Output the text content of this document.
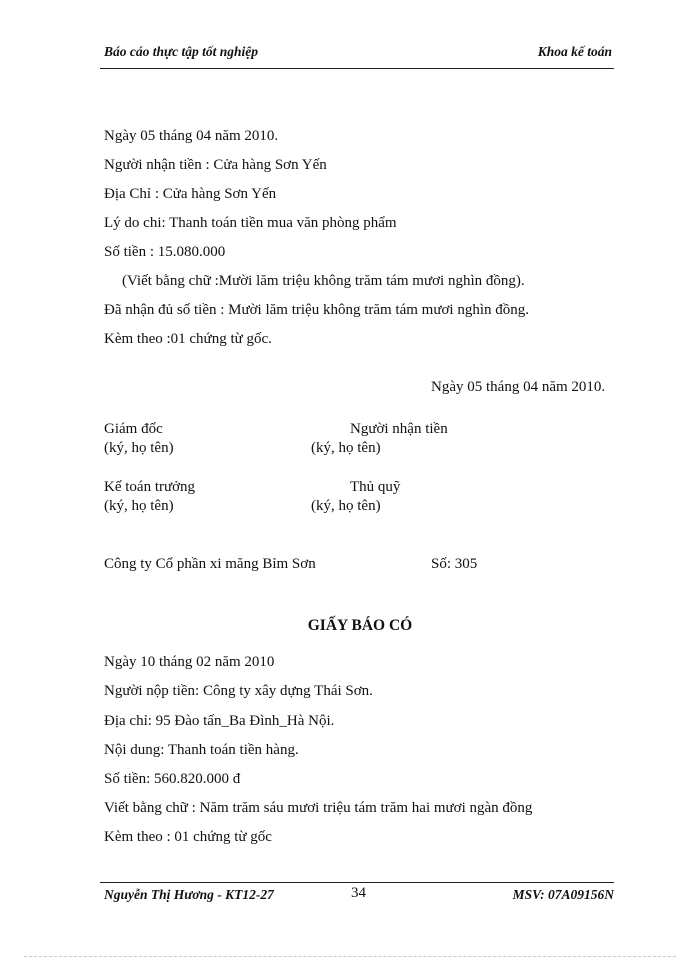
Báo cáo thực tập tốt nghiệp	Khoa kế toán
Ngày 05 tháng 04 năm 2010.
Người nhận tiền : Cửa hàng Sơn Yến
Địa Chỉ : Cửa hàng Sơn Yến
Lý do chi: Thanh toán tiền mua văn phòng phẩm
Số tiền : 15.080.000
(Viết bằng chữ :Mười lăm triệu không trăm tám mươi nghìn đồng).
Đã nhận đủ số tiền : Mười lăm triệu không trăm tám mươi nghìn đồng.
Kèm theo :01 chứng từ gốc.
Ngày 05 tháng 04 năm 2010.
Giám đốc
(ký, họ tên)
Người nhận tiền
(ký, họ tên)
Kế toán trưởng
(ký, họ tên)
Thủ quỹ
(ký, họ tên)
Công ty Cổ phần xi măng Bỉm Sơn	Số: 305
GIẤY BÁO CÓ
Ngày 10 tháng 02 năm 2010
Người nộp tiền: Công ty xây dựng Thái Sơn.
Địa chỉ: 95 Đào tấn_Ba Đình_Hà Nội.
Nội dung: Thanh toán tiền hàng.
Số tiền: 560.820.000 đ
Viết bằng chữ : Năm trăm sáu mươi triệu tám trăm hai mươi ngàn đồng
Kèm theo : 01 chứng từ gốc
Nguyễn Thị Hương - KT12-27	34	MSV: 07A09156N
